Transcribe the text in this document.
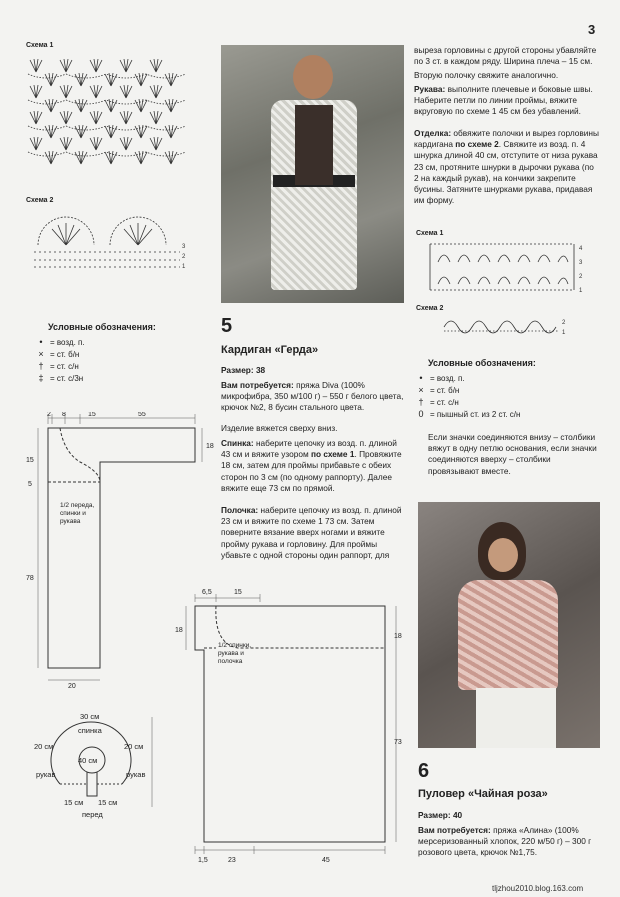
3
Схема 1
Схема 2
3
2
1
Условные обозначения:
• = возд. п.
× = ст. б/н
† = ст. с/н
‡ = ст. с/3н
2 8	15	55
15
5
78
18
20
1/2 переда, спинки и рукава
30 см
спинка
20 см	20 см
40 см
рукав	рукав
15 см 15 см
перед
5
Кардиган «Герда»
Размер: 38
Вам потребуется: пряжа Diva (100% микрофибра, 350 м/100 г) – 550 г белого цвета, крючок №2, 8 бусин стального цвета.
Изделие вяжется сверху вниз.
Спинка: наберите цепочку из возд. п. длиной 43 см и вяжите узором по схеме 1. Провяжите 18 см, затем для проймы прибавьте с обеих сторон по 3 см (по одному раппорту). Далее вяжите еще 73 см по прямой.
Полочка: наберите цепочку из возд. п. длиной 23 см и вяжите по схеме 1 73 см. Затем поверните вязание вверх ногами и вяжите пройму рукава и горловину. Для проймы убавьте с одной стороны один раппорт, для
6,5	15
18
18
73
1,5	23	45
1/2 спинки, рукава и полочка
выреза горловины с другой стороны убавляйте по 3 ст. в каждом ряду. Ширина плеча – 15 см.
Вторую полочку свяжите аналогично.
Рукава: выполните плечевые и боковые швы. Наберите петли по линии проймы, вяжите вкруговую по схеме 1 45 см без убавлений.
Отделка: обвяжите полочки и вырез горловины кардигана по схеме 2. Свяжите из возд. п. 4 шнурка длиной 40 см, отступите от низа рукава 23 см, протяните шнурки в дырочки рукава (по 2 на каждый рукав), на кончики закрепите бусины. Затяните шнурками рукава, придавая им форму.
Схема 1
4
3
2
1
Схема 2
2
1
Условные обозначения:
• = возд. п.
× = ст. б/н
† = ст. с/н
0 = пышный ст. из 2 ст. с/н
Если значки соединяются внизу – столбики вяжут в одну петлю основания, если значки соединяются вверху – столбики провязывают вместе.
6
Пуловер «Чайная роза»
Размер: 40
Вам потребуется: пряжа «Алина» (100% мерсеризованный хлопок, 220 м/50 г) – 300 г розового цвета, крючок №1,75.
tljzhou2010.blog.163.com
